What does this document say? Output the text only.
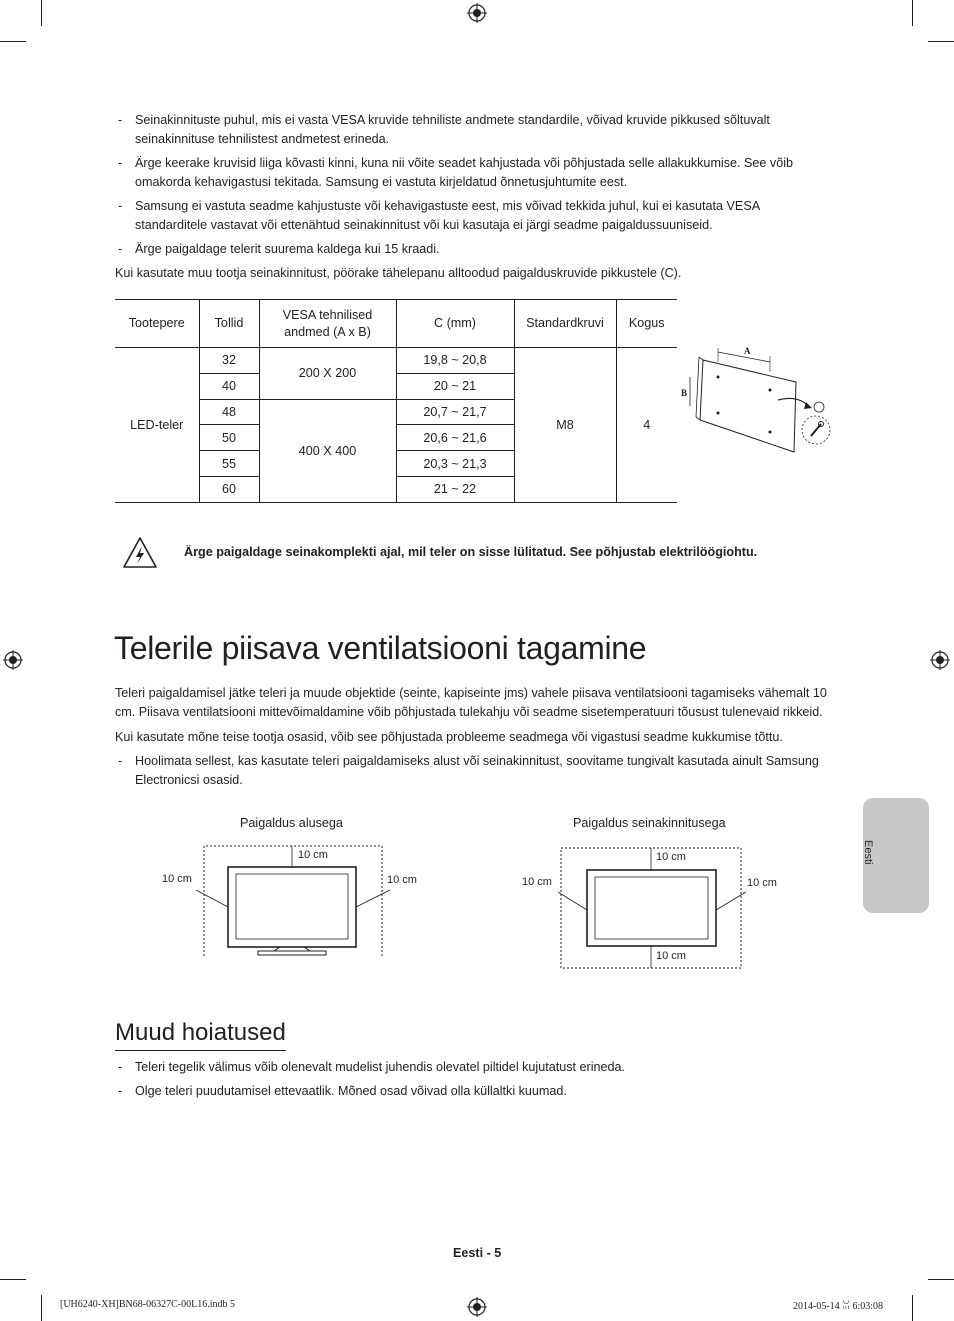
- Seinakinnituste puhul, mis ei vasta VESA kruvide tehniliste andmete standardile, võivad kruvide pikkused sõltuvalt seinakinnituse tehnilistest andmetest erineda.
- Ärge keerake kruvisid liiga kõvasti kinni, kuna nii võite seadet kahjustada või põhjustada selle allakukkumise. See võib omakorda kehavigastusi tekitada. Samsung ei vastuta kirjeldatud õnnetusjuhtumite eest.
- Samsung ei vastuta seadme kahjustuste või kehavigastuste eest, mis võivad tekkida juhul, kui ei kasutata VESA standarditele vastavat või ettenähtud seinakinnitust või kui kasutaja ei järgi seadme paigaldussuuniseid.
- Ärge paigaldage telerit suurema kaldega kui 15 kraadi.
Kui kasutate muu tootja seinakinnitust, pöörake tähelepanu alltoodud paigalduskruvide pikkustele (C).
Tootepere	Tollid	VESA tehnilised andmed (A x B)	C (mm)	Standardkruvi	Kogus
LED-teler	32	200 X 200	19,8 ~ 20,8	M8	4
	40		20 ~ 21		
	48	400 X 400	20,7 ~ 21,7		
	50		20,6 ~ 21,6		
	55		20,3 ~ 21,3		
	60		21 ~ 22		
A
B
Ärge paigaldage seinakomplekti ajal, mil teler on sisse lülitatud. See põhjustab elektrilöögiohtu.
Telerile piisava ventilatsiooni tagamine
Teleri paigaldamisel jätke teleri ja muude objektide (seinte, kapiseinte jms) vahele piisava ventilatsiooni tagamiseks vähemalt 10 cm. Piisava ventilatsiooni mittevõimaldamine võib põhjustada tulekahju või seadme sisetemperatuuri tõusust tulenevaid rikkeid.
Kui kasutate mõne teise tootja osasid, võib see põhjustada probleeme seadmega või vigastusi seadme kukkumise tõttu.
- Hoolimata sellest, kas kasutate teleri paigaldamiseks alust või seinakinnitust, soovitame tungivalt kasutada ainult Samsung Electronicsi osasid.
Paigaldus alusega	Paigaldus seinakinnitusega
10 cm
10 cm	10 cm
10 cm
10 cm	10 cm
10 cm
Muud hoiatused
- Teleri tegelik välimus võib olenevalt mudelist juhendis olevatel piltidel kujutatust erineda.
- Olge teleri puudutamisel ettevaatlik. Mõned osad võivad olla küllaltki kuumad.
Eesti
Eesti - 5
[UH6240-XH]BN68-06327C-00L16.indb 5	2014-05-14 ꈍ 6:03:08
